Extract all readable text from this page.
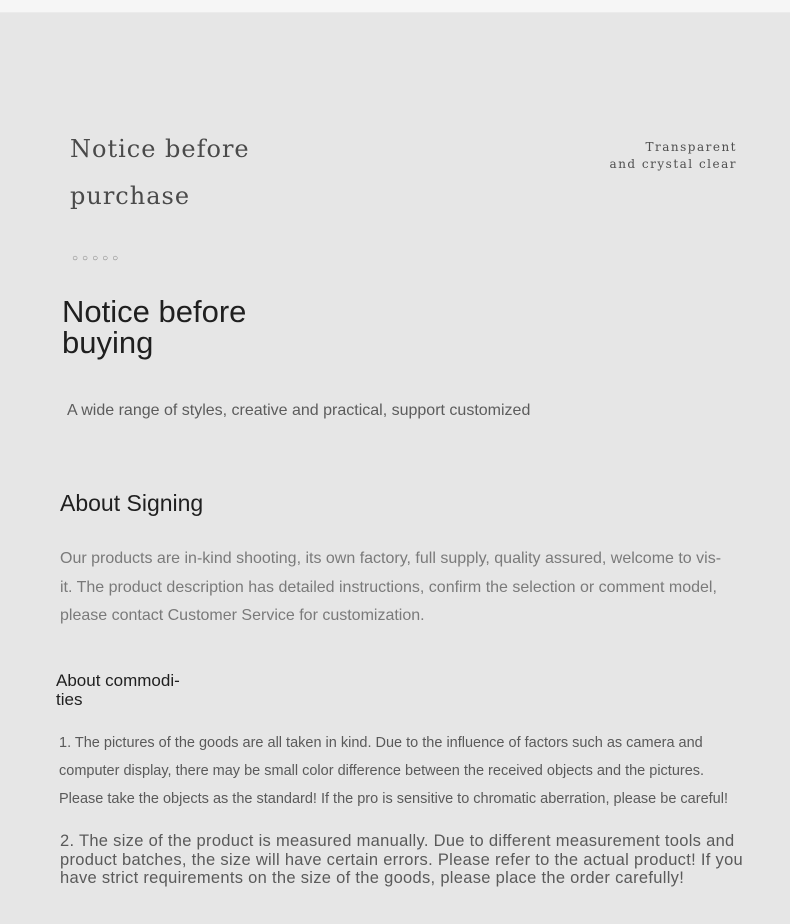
Notice before
purchase
Transparent
and crystal clear
○○○○○
Notice before
buying
A wide range of styles, creative and practical, support customized
About Signing
Our products are in-kind shooting, its own factory, full supply, quality assured, welcome to vis-it. The product description has detailed instructions, confirm the selection or comment model, please contact Customer Service for customization.
About commodi-
ties
1. The pictures of the goods are all taken in kind. Due to the influence of factors such as camera and computer display, there may be small color difference between the received objects and the pictures. Please take the objects as the standard! If the pro is sensitive to chromatic aberration, please be careful!
2. The size of the product is measured manually. Due to different measurement tools and product batches, the size will have certain errors. Please refer to the actual product! If you have strict requirements on the size of the goods, please place the order carefully!
